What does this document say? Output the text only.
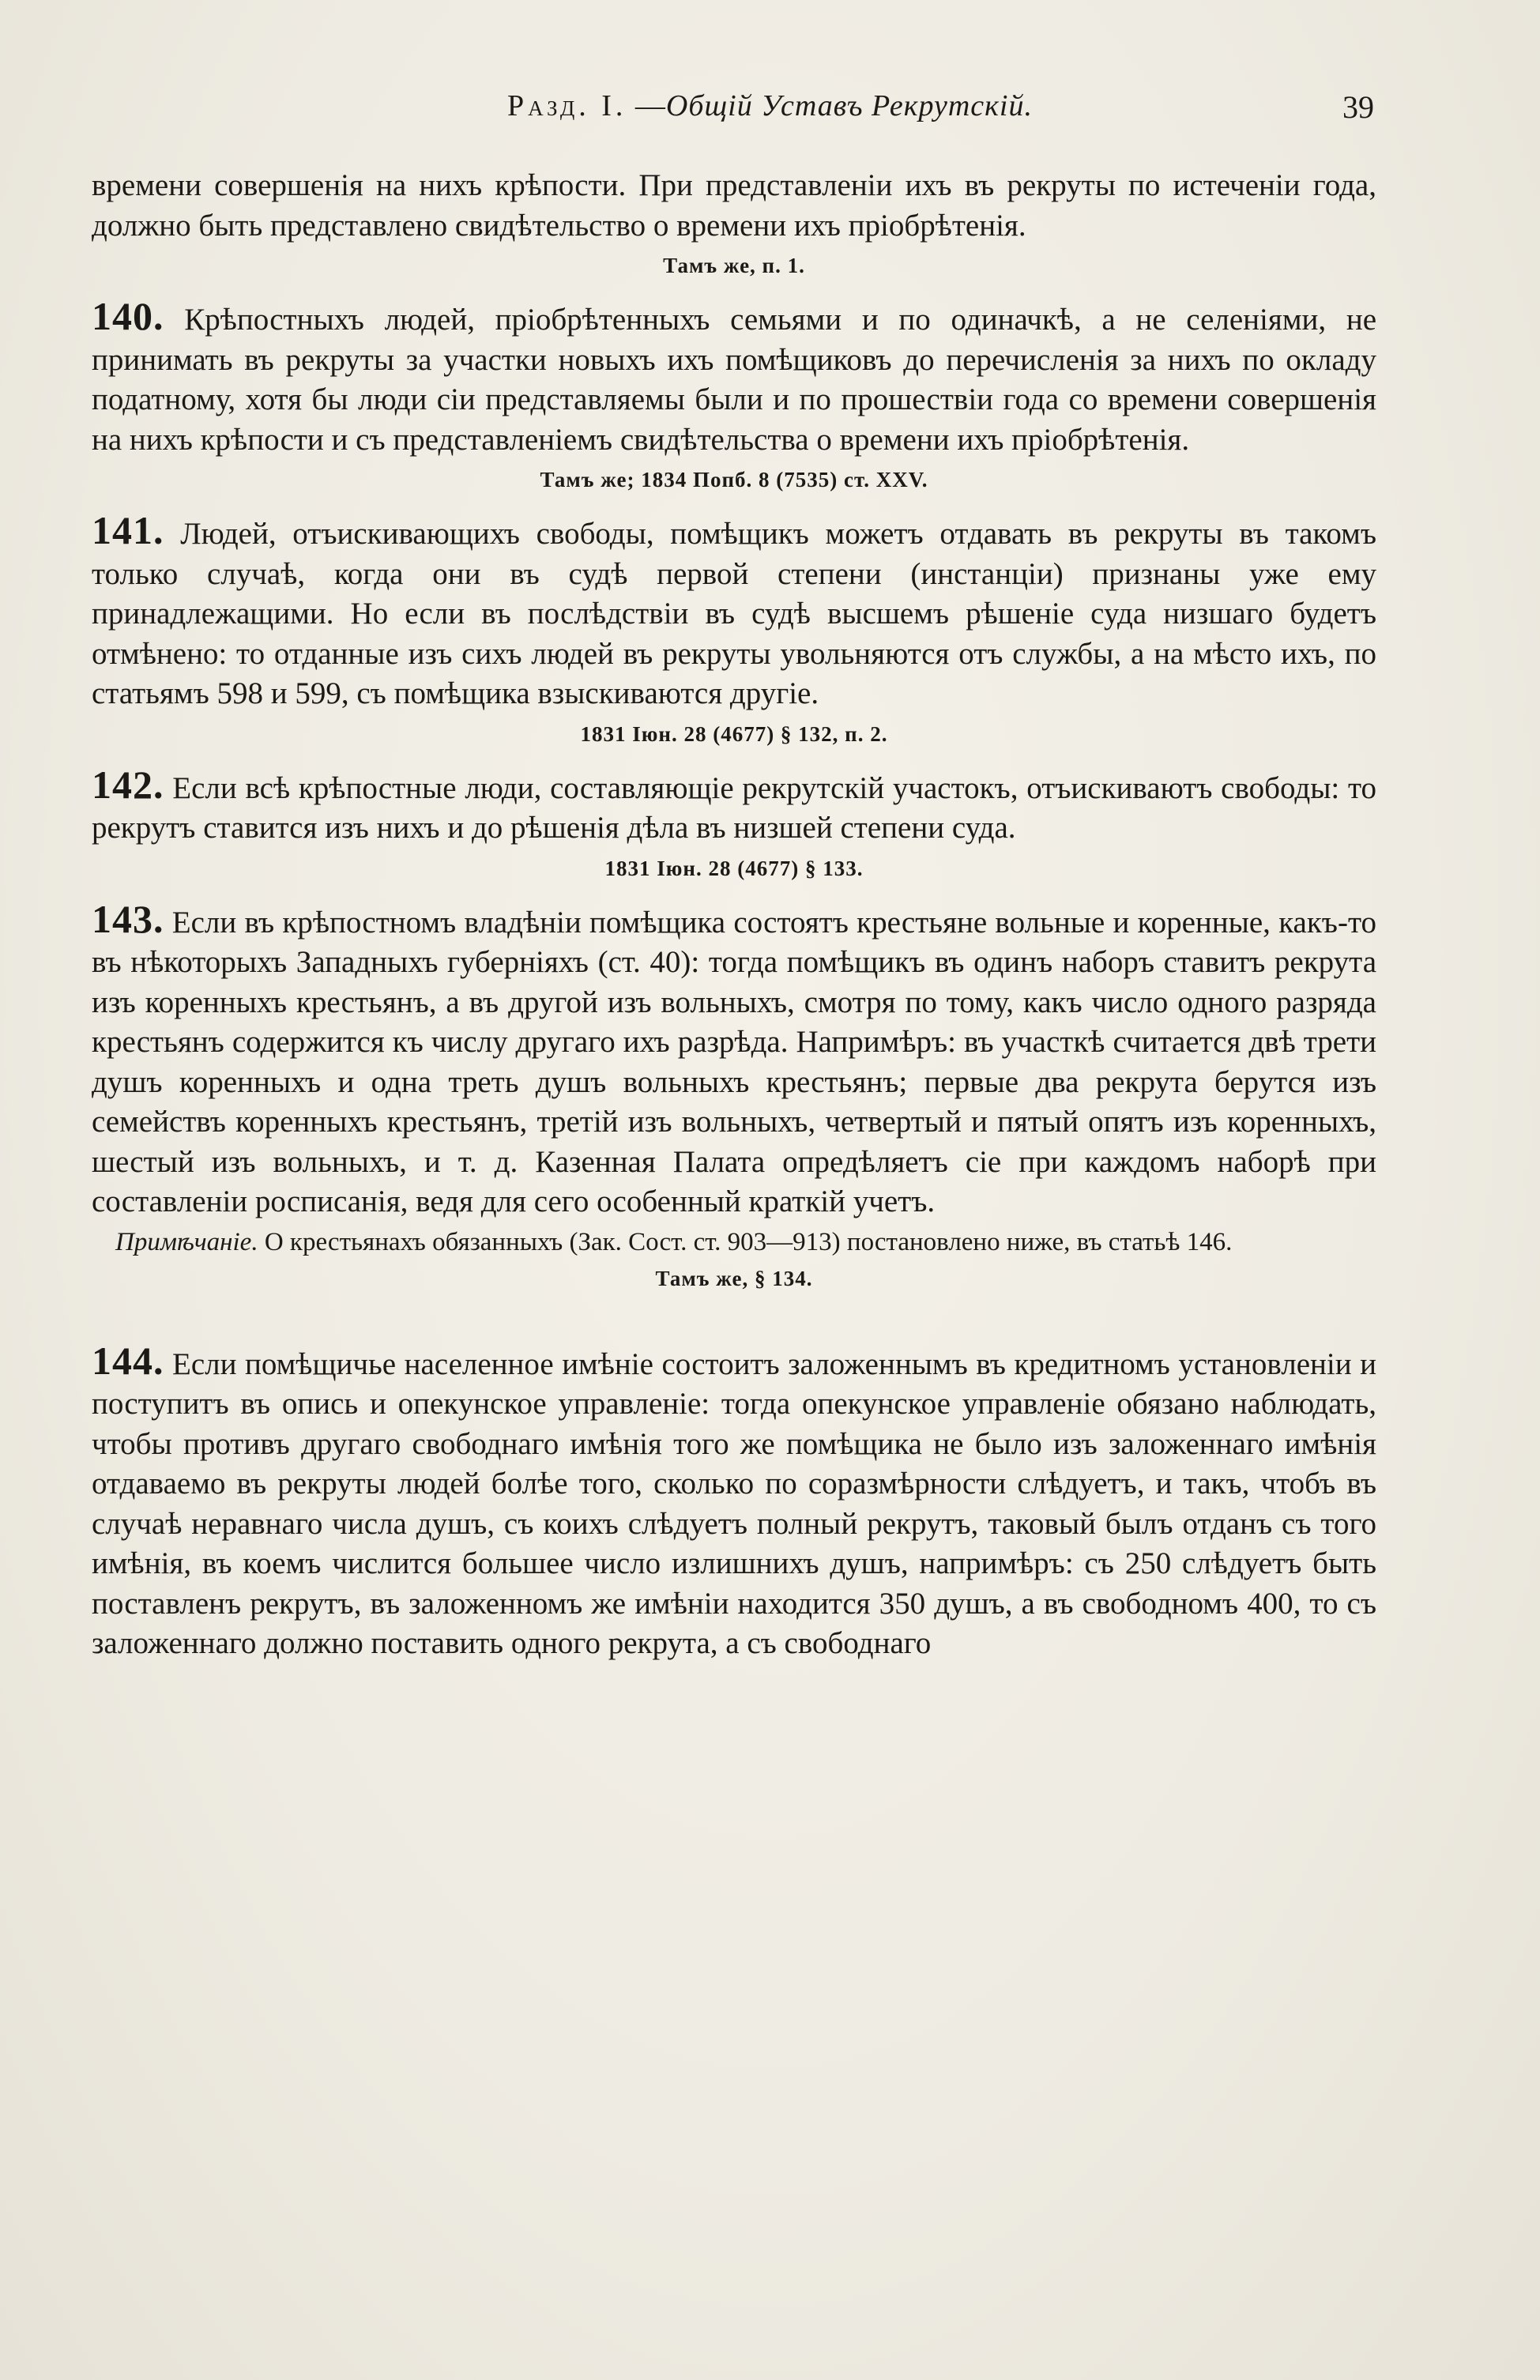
Разд. I. —Общій Уставъ Рекрутскій.	39

времени совершенія на нихъ крѣпости. При представленіи ихъ въ рекруты по истеченіи года, должно быть представлено свидѣтельство о времени ихъ пріобрѣтенія.

Тамъ же, п. 1.

140. Крѣпостныхъ людей, пріобрѣтенныхъ семьями и по одиначкѣ, а не селеніями, не принимать въ рекруты за участки новыхъ ихъ помѣщиковъ до перечисленія за нихъ по окладу податному, хотя бы люди сіи представляемы были и по прошествіи года со времени совершенія на нихъ крѣпости и съ представленіемъ свидѣтельства о времени ихъ пріобрѣтенія.

Тамъ же; 1834 Попб. 8 (7535) ст. XXV.

141. Людей, отъискивающихъ свободы, помѣщикъ можетъ отдавать въ рекруты въ такомъ только случаѣ, когда они въ судѣ первой степени (инстанціи) признаны уже ему принадлежащими. Но если въ послѣдствіи въ судѣ высшемъ рѣшеніе суда низшаго будетъ отмѣнено: то отданные изъ сихъ людей въ рекруты увольняются отъ службы, а на мѣсто ихъ, по статьямъ 598 и 599, съ помѣщика взыскиваются другіе.

1831 Іюн. 28 (4677) § 132, п. 2.

142. Если всѣ крѣпостные люди, составляющіе рекрутскій участокъ, отъискиваютъ свободы: то рекрутъ ставится изъ нихъ и до рѣшенія дѣла въ низшей степени суда.

1831 Іюн. 28 (4677) § 133.

143. Если въ крѣпостномъ владѣніи помѣщика состоятъ крестьяне вольные и коренные, какъ-то въ нѣкоторыхъ Западныхъ губерніяхъ (ст. 40): тогда помѣщикъ въ одинъ наборъ ставитъ рекрута изъ коренныхъ крестьянъ, а въ другой изъ вольныхъ, смотря по тому, какъ число одного разряда крестьянъ содержится къ числу другаго ихъ разрѣда. Напримѣръ: въ участкѣ считается двѣ трети душъ коренныхъ и одна треть душъ вольныхъ крестьянъ; первые два рекрута берутся изъ семействъ коренныхъ крестьянъ, третій изъ вольныхъ, четвертый и пятый опятъ изъ коренныхъ, шестый изъ вольныхъ, и т. д. Казенная Палата опредѣляетъ сіе при каждомъ наборѣ при составленіи росписанія, ведя для сего особенный краткій учетъ.

Примѣчаніе. О крестьянахъ обязанныхъ (Зак. Сост. ст. 903—913) постановлено ниже, въ статьѣ 146.

Тамъ же, § 134.

144. Если помѣщичье населенное имѣніе состоитъ заложеннымъ въ кредитномъ установленіи и поступитъ въ опись и опекунское управленіе: тогда опекунское управленіе обязано наблюдать, чтобы противъ другаго свободнаго имѣнія того же помѣщика не было изъ заложеннаго имѣнія отдаваемо въ рекруты людей болѣе того, сколько по соразмѣрности слѣдуетъ, и такъ, чтобъ въ случаѣ неравнаго числа душъ, съ коихъ слѣдуетъ полный рекрутъ, таковый былъ отданъ съ того имѣнія, въ коемъ числится большее число излишнихъ душъ, напримѣръ: съ 250 слѣдуетъ быть поставленъ рекрутъ, въ заложенномъ же имѣніи находится 350 душъ, а въ свободномъ 400, то съ заложеннаго должно поставить одного рекрута, а съ свободнаго
